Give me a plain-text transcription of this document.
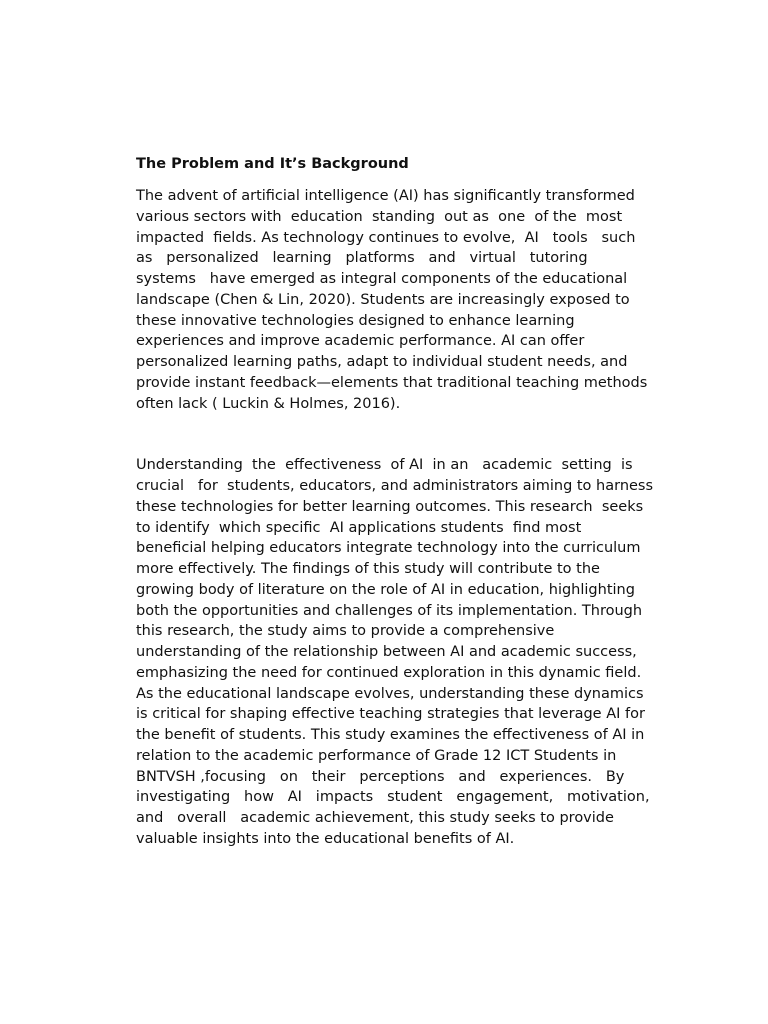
The Problem and It’s Background

The advent of artificial intelligence (AI) has significantly transformed
various sectors with  education  standing  out as  one  of the  most
impacted  fields. As technology continues to evolve,  AI   tools   such
as   personalized   learning   platforms   and   virtual   tutoring
systems   have emerged as integral components of the educational
landscape (Chen & Lin, 2020). Students are increasingly exposed to
these innovative technologies designed to enhance learning
experiences and improve academic performance. AI can offer
personalized learning paths, adapt to individual student needs, and
provide instant feedback—elements that traditional teaching methods
often lack ( Luckin & Holmes, 2016).

Understanding  the  effectiveness  of AI  in an   academic  setting  is
crucial   for  students, educators, and administrators aiming to harness
these technologies for better learning outcomes. This research  seeks
to identify  which specific  AI applications students  find most
beneficial helping educators integrate technology into the curriculum
more effectively. The findings of this study will contribute to the
growing body of literature on the role of AI in education, highlighting
both the opportunities and challenges of its implementation. Through
this research, the study aims to provide a comprehensive
understanding of the relationship between AI and academic success,
emphasizing the need for continued exploration in this dynamic field.
As the educational landscape evolves, understanding these dynamics
is critical for shaping effective teaching strategies that leverage AI for
the benefit of students. This study examines the effectiveness of AI in
relation to the academic performance of Grade 12 ICT Students in
BNTVSH ,focusing   on   their   perceptions   and   experiences.   By
investigating   how   AI   impacts   student   engagement,   motivation,
and   overall   academic achievement, this study seeks to provide
valuable insights into the educational benefits of AI.
